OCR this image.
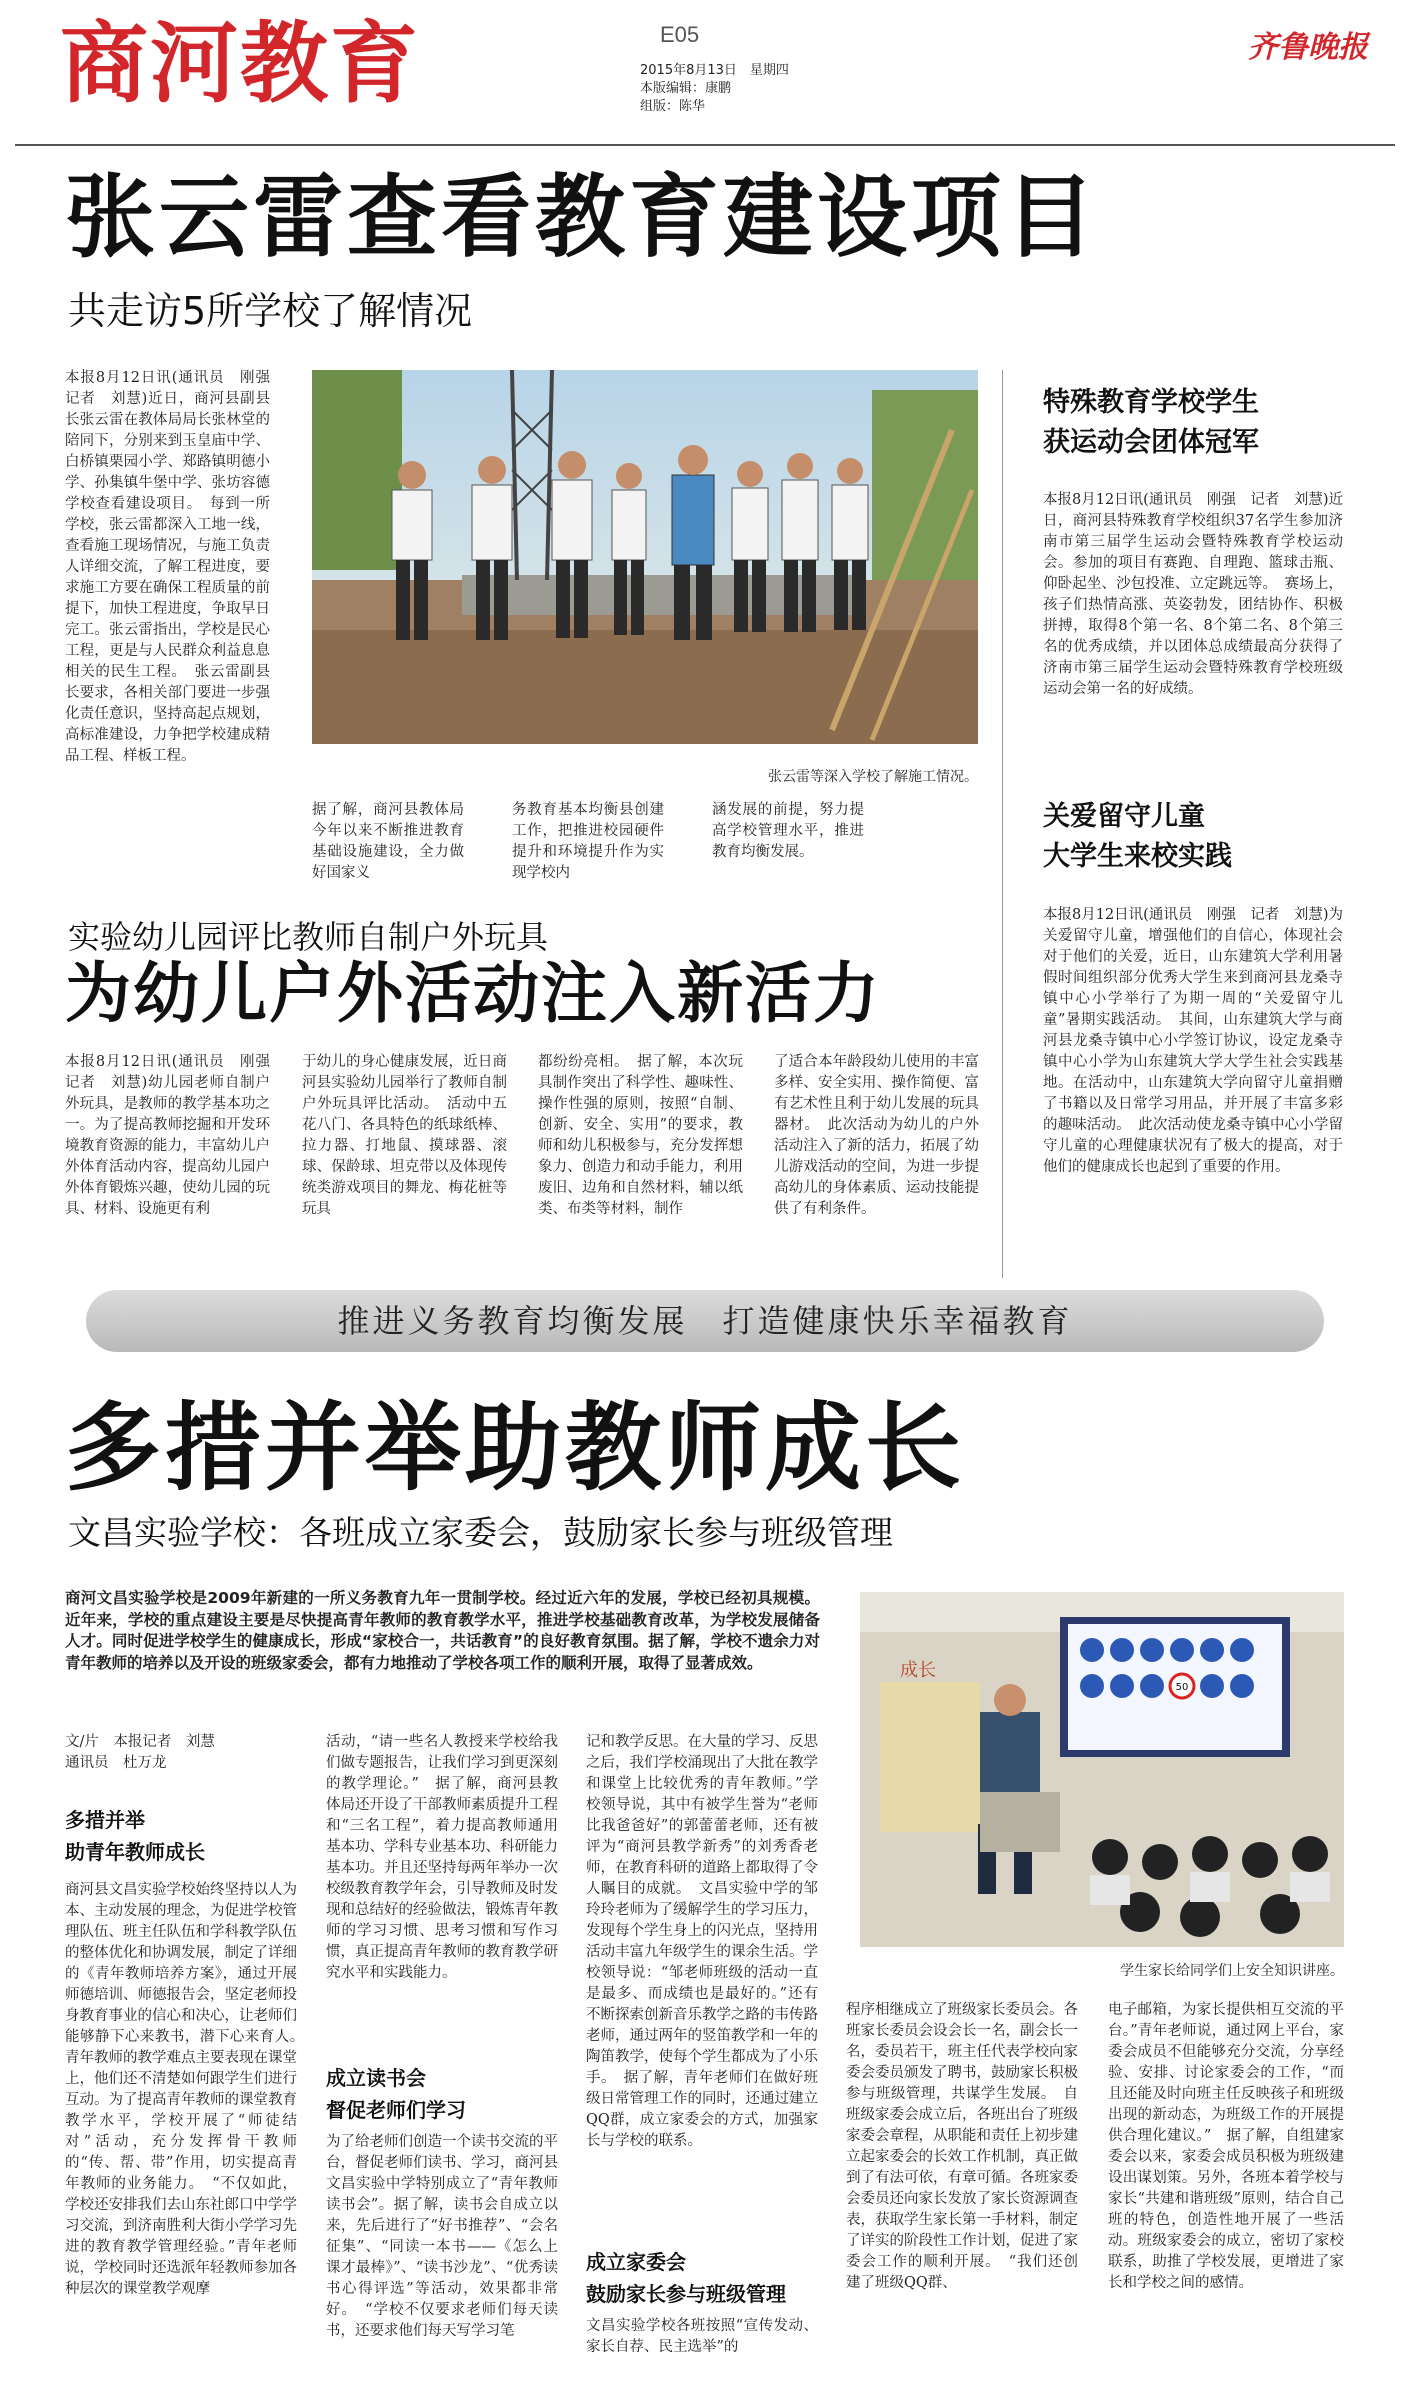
商河教育	E05
2015年8月13日　星期四
本版编辑：康鹏
组版：陈华
齐鲁晚报
张云雷查看教育建设项目
共走访5所学校了解情况
本报8月12日讯(通讯员　刚强　记者　刘慧)近日，商河县副县长张云雷在教体局局长张林堂的陪同下，分别来到玉皇庙中学、白桥镇栗园小学、郑路镇明德小学、孙集镇牛堡中学、张坊容德学校查看建设项目。　每到一所学校，张云雷都深入工地一线，查看施工现场情况，与施工负责人详细交流，了解工程进度，要求施工方要在确保工程质量的前提下，加快工程进度，争取早日完工。张云雷指出，学校是民心工程，更是与人民群众利益息息相关的民生工程。　张云雷副县长要求，各相关部门要进一步强化责任意识，坚持高起点规划，高标准建设，力争把学校建成精品工程、样板工程。
张云雷等深入学校了解施工情况。
据了解，商河县教体局今年以来不断推进教育基础设施建设，全力做好国家义
务教育基本均衡县创建工作，把推进校园硬件提升和环境提升作为实现学校内
涵发展的前提，努力提高学校管理水平，推进教育均衡发展。
特殊教育学校学生
获运动会团体冠军
本报8月12日讯(通讯员　刚强　记者　刘慧)近日，商河县特殊教育学校组织37名学生参加济南市第三届学生运动会暨特殊教育学校运动会。参加的项目有赛跑、自理跑、篮球击瓶、仰卧起坐、沙包投准、立定跳远等。　赛场上，孩子们热情高涨、英姿勃发，团结协作、积极拼搏，取得8个第一名、8个第二名、8个第三名的优秀成绩，并以团体总成绩最高分获得了济南市第三届学生运动会暨特殊教育学校班级运动会第一名的好成绩。
关爱留守儿童
大学生来校实践
本报8月12日讯(通讯员　刚强　记者　刘慧)为关爱留守儿童，增强他们的自信心，体现社会对于他们的关爱，近日，山东建筑大学利用暑假时间组织部分优秀大学生来到商河县龙桑寺镇中心小学举行了为期一周的“关爱留守儿童”暑期实践活动。　其间，山东建筑大学与商河县龙桑寺镇中心小学签订协议，设定龙桑寺镇中心小学为山东建筑大学大学生社会实践基地。在活动中，山东建筑大学向留守儿童捐赠了书籍以及日常学习用品，并开展了丰富多彩的趣味活动。　此次活动使龙桑寺镇中心小学留守儿童的心理健康状况有了极大的提高，对于他们的健康成长也起到了重要的作用。
实验幼儿园评比教师自制户外玩具
为幼儿户外活动注入新活力
本报8月12日讯(通讯员　刚强　记者　刘慧)幼儿园老师自制户外玩具，是教师的教学基本功之一。为了提高教师挖掘和开发环境教育资源的能力，丰富幼儿户外体育活动内容，提高幼儿园户外体育锻炼兴趣，使幼儿园的玩具、材料、设施更有利
于幼儿的身心健康发展，近日商河县实验幼儿园举行了教师自制户外玩具评比活动。　活动中五花八门、各具特色的纸球纸棒、拉力器、打地鼠、摸球器、滚球、保龄球、坦克带以及体现传统类游戏项目的舞龙、梅花桩等玩具
都纷纷亮相。　据了解，本次玩具制作突出了科学性、趣味性、操作性强的原则，按照“自制、创新、安全、实用”的要求，教师和幼儿积极参与，充分发挥想象力、创造力和动手能力，利用废旧、边角和自然材料，辅以纸类、布类等材料，制作
了适合本年龄段幼儿使用的丰富多样、安全实用、操作简便、富有艺术性且利于幼儿发展的玩具器材。　此次活动为幼儿的户外活动注入了新的活力，拓展了幼儿游戏活动的空间，为进一步提高幼儿的身体素质、运动技能提供了有利条件。
推进义务教育均衡发展　打造健康快乐幸福教育
多措并举助教师成长
文昌实验学校：各班成立家委会，鼓励家长参与班级管理
商河文昌实验学校是2009年新建的一所义务教育九年一贯制学校。经过近六年的发展，学校已经初具规模。近年来，学校的重点建设主要是尽快提高青年教师的教育教学水平，推进学校基础教育改革，为学校发展储备人才。同时促进学校学生的健康成长，形成“家校合一，共话教育”的良好教育氛围。据了解，学校不遗余力对青年教师的培养以及开设的班级家委会，都有力地推动了学校各项工作的顺利开展，取得了显著成效。
文/片　本报记者　刘慧
通讯员　杜万龙
多措并举
助青年教师成长
商河县文昌实验学校始终坚持以人为本、主动发展的理念，为促进学校管理队伍、班主任队伍和学科教学队伍的整体优化和协调发展，制定了详细的《青年教师培养方案》，通过开展师德培训、师德报告会，坚定老师投身教育事业的信心和决心，让老师们能够静下心来教书，潜下心来育人。　青年教师的教学难点主要表现在课堂上，他们还不清楚如何跟学生们进行互动。为了提高青年教师的课堂教育教学水平，学校开展了“师徒结对”活动，充分发挥骨干教师的“传、帮、带”作用，切实提高青年教师的业务能力。　“不仅如此，学校还安排我们去山东社郎口中学学习交流，到济南胜利大街小学学习先进的教育教学管理经验。”青年老师说，学校同时还选派年轻教师参加各种层次的课堂教学观摩
活动，“请一些名人教授来学校给我们做专题报告，让我们学习到更深刻的教学理论。”　据了解，商河县教体局还开设了干部教师素质提升工程和“三名工程”，着力提高教师通用基本功、学科专业基本功、科研能力基本功。并且还坚持每两年举办一次校级教育教学年会，引导教师及时发现和总结好的经验做法，锻炼青年教师的学习习惯、思考习惯和写作习惯，真正提高青年教师的教育教学研究水平和实践能力。
成立读书会
督促老师们学习
为了给老师们创造一个读书交流的平台，督促老师们读书、学习，商河县文昌实验中学特别成立了“青年教师读书会”。据了解，读书会自成立以来，先后进行了“好书推荐”、“会名征集”、“同读一本书——《怎么上课才最棒》”、“读书沙龙”、“优秀读书心得评选”等活动，效果都非常好。　“学校不仅要求老师们每天读书，还要求他们每天写学习笔
记和教学反思。在大量的学习、反思之后，我们学校涌现出了大批在教学和课堂上比较优秀的青年教师。”学校领导说，其中有被学生誉为“老师比我爸爸好”的郭蕾蕾老师，还有被评为“商河县教学新秀”的刘秀香老师，在教育科研的道路上都取得了令人瞩目的成就。　文昌实验中学的邹玲玲老师为了缓解学生的学习压力，发现每个学生身上的闪光点，坚持用活动丰富九年级学生的课余生活。学校领导说：“邹老师班级的活动一直是最多、而成绩也是最好的。”还有不断探索创新音乐教学之路的韦传路老师，通过两年的竖笛教学和一年的陶笛教学，使每个学生都成为了小乐手。　据了解，青年老师们在做好班级日常管理工作的同时，还通过建立QQ群，成立家委会的方式，加强家长与学校的联系。
成立家委会
鼓励家长参与班级管理
文昌实验学校各班按照“宣传发动、家长自荐、民主选举”的
50
成长
学生家长给同学们上安全知识讲座。
程序相继成立了班级家长委员会。各班家长委员会设会长一名，副会长一名，委员若干，班主任代表学校向家委会委员颁发了聘书，鼓励家长积极参与班级管理，共谋学生发展。　自班级家委会成立后，各班出台了班级家委会章程，从职能和责任上初步建立起家委会的长效工作机制，真正做到了有法可依，有章可循。各班家委会委员还向家长发放了家长资源调查表，获取学生家长第一手材料，制定了详实的阶段性工作计划，促进了家委会工作的顺利开展。　“我们还创建了班级QQ群、
电子邮箱，为家长提供相互交流的平台。”青年老师说，通过网上平台，家委会成员不但能够充分交流，分享经验、安排、讨论家委会的工作，“而且还能及时向班主任反映孩子和班级出现的新动态，为班级工作的开展提供合理化建议。”　据了解，自组建家委会以来，家委会成员积极为班级建设出谋划策。另外，各班本着学校与家长“共建和谐班级”原则，结合自己班的特色，创造性地开展了一些活动。班级家委会的成立，密切了家校联系，助推了学校发展，更增进了家长和学校之间的感情。
